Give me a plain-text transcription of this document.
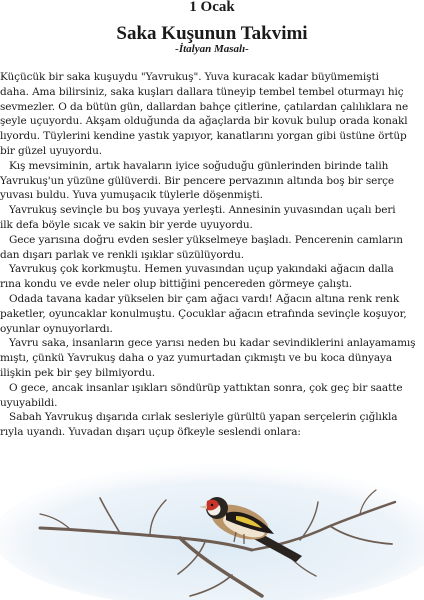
1 Ocak
Saka Kuşunun Takvimi
-İtalyan Masalı-
Küçücük bir saka kuşuydu "Yavrukuş". Yuva kuracak kadar büyümemişti
daha. Ama bilirsiniz, saka kuşları dallara tüneyip tembel tembel oturmayı hiç
sevmezler. O da bütün gün, dallardan bahçe çitlerine, çatılardan çalılıklara ne
şeyle uçuyordu. Akşam olduğunda da ağaçlarda bir kovuk bulup orada konakl
lıyordu. Tüylerini kendine yastık yapıyor, kanatlarını yorgan gibi üstüne örtüp
bir güzel uyuyordu.
Kış mevsiminin, artık havaların iyice soğuduğu günlerinden birinde talih
Yavrukuş'un yüzüne gülüverdi. Bir pencere pervazının altında boş bir serçe
yuvası buldu. Yuva yumuşacık tüylerle döşenmişti.
Yavrukuş sevinçle bu boş yuvaya yerleşti. Annesinin yuvasından uçalı beri
ilk defa böyle sıcak ve sakin bir yerde uyuyordu.
Gece yarısına doğru evden sesler yükselmeye başladı. Pencerenin camların
dan dışarı parlak ve renkli ışıklar süzülüyordu.
Yavrukuş çok korkmuştu. Hemen yuvasından uçup yakındaki ağacın dalla
rına kondu ve evde neler olup bittiğini pencereden görmeye çalıştı.
Odada tavana kadar yükselen bir çam ağacı vardı! Ağacın altına renk renk
paketler, oyuncaklar konulmuştu. Çocuklar ağacın etrafında sevinçle koşuyor,
oyunlar oynuyorlardı.
Yavru saka, insanların gece yarısı neden bu kadar sevindiklerini anlayamamış
mıştı, çünkü Yavrukuş daha o yaz yumurtadan çıkmıştı ve bu koca dünyaya
ilişkin pek bir şey bilmiyordu.
O gece, ancak insanlar ışıkları söndürüp yattıktan sonra, çok geç bir saatte
uyuyabildi.
Sabah Yavrukuş dışarıda cırlak sesleriyle gürültü yapan serçelerin çığlıkla
rıyla uyandı. Yuvadan dışarı uçup öfkeyle seslendi onlara:
